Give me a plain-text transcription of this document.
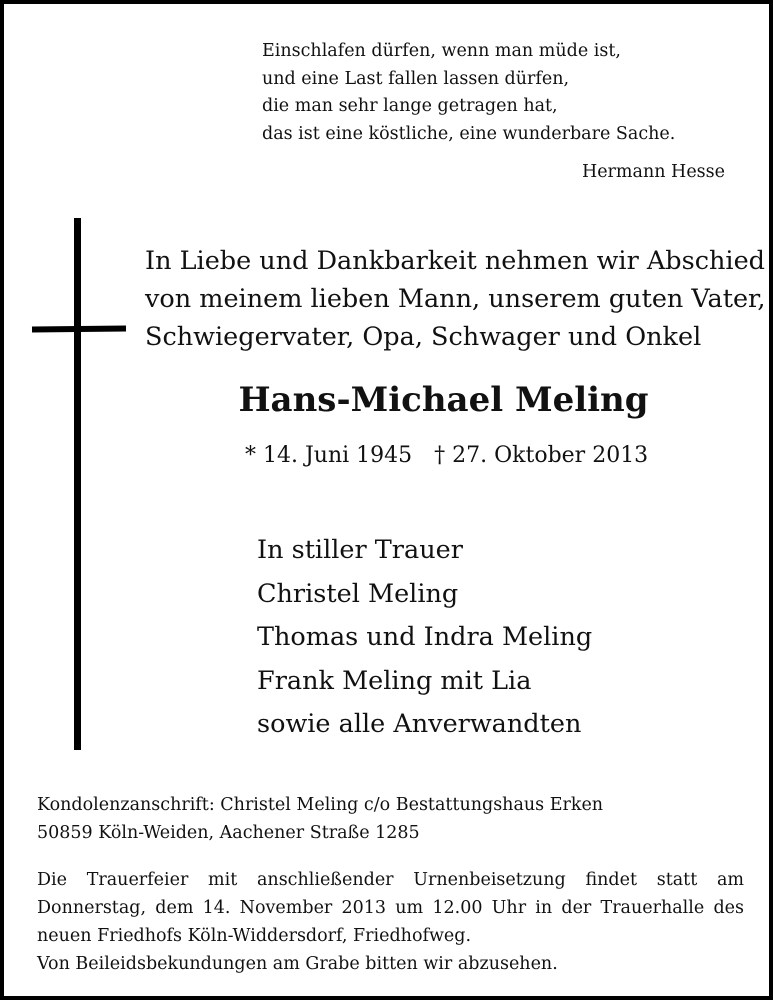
Einschlafen dürfen, wenn man müde ist,
und eine Last fallen lassen dürfen,
die man sehr lange getragen hat,
das ist eine köstliche, eine wunderbare Sache.
Hermann Hesse
In Liebe und Dankbarkeit nehmen wir Abschied
von meinem lieben Mann, unserem guten Vater,
Schwiegervater, Opa, Schwager und Onkel
Hans-Michael Meling
* 14. Juni 1945 † 27. Oktober 2013
In stiller Trauer
Christel Meling
Thomas und Indra Meling
Frank Meling mit Lia
sowie alle Anverwandten
Kondolenzanschrift: Christel Meling c/o Bestattungshaus Erken
50859 Köln-Weiden, Aachener Straße 1285
Die Trauerfeier mit anschließender Urnenbeisetzung findet statt am Donnerstag, dem 14. November 2013 um 12.00 Uhr in der Trauerhalle des neuen Friedhofs Köln-Widdersdorf, Friedhofweg.
Von Beileidsbekundungen am Grabe bitten wir abzusehen.
